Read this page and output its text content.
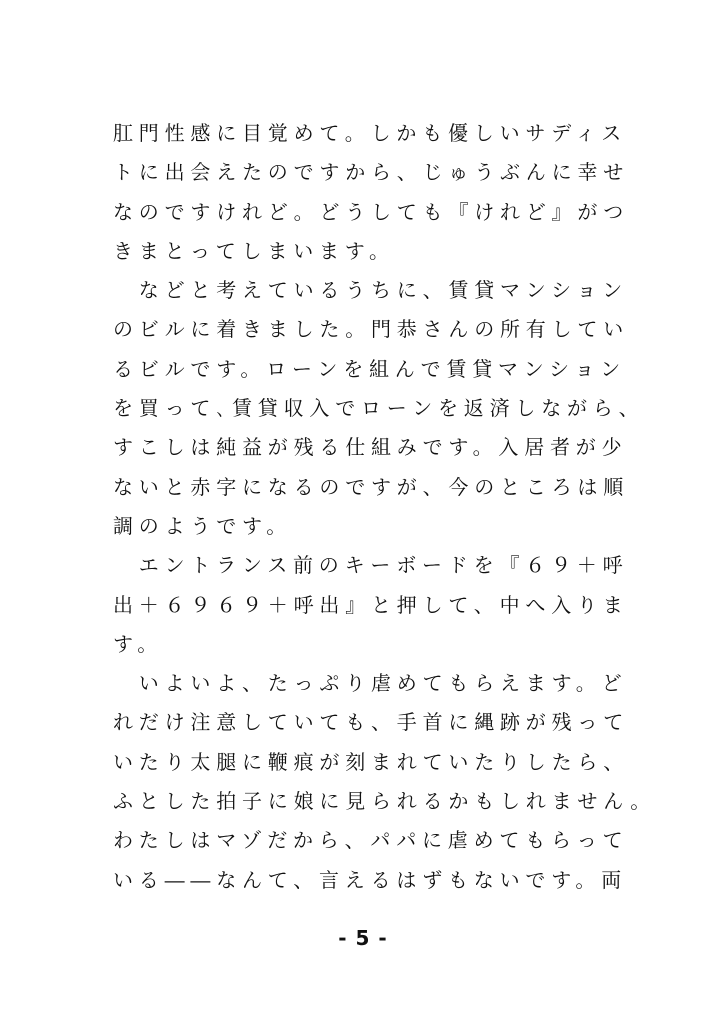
肛門性感に目覚めて。しかも優しいサディス
トに出会えたのですから、じゅうぶんに幸せ
なのですけれど。どうしても『けれど』がつ
きまとってしまいます。
　などと考えているうちに、賃貸マンション
のビルに着きました。門恭さんの所有してい
るビルです。ローンを組んで賃貸マンション
を買って､賃貸収入でローンを返済しながら、
すこしは純益が残る仕組みです。入居者が少
ないと赤字になるのですが、今のところは順
調のようです。
　エントランス前のキーボードを『６９＋呼
出＋６９６９＋呼出』と押して、中へ入りま
す。
　いよいよ、たっぷり虐めてもらえます。ど
れだけ注意していても、手首に縄跡が残って
いたり太腿に鞭痕が刻まれていたりしたら、
ふとした拍子に娘に見られるかもしれません。
わたしはマゾだから、パパに虐めてもらって
いる――なんて、言えるはずもないです。両
- 5 -
